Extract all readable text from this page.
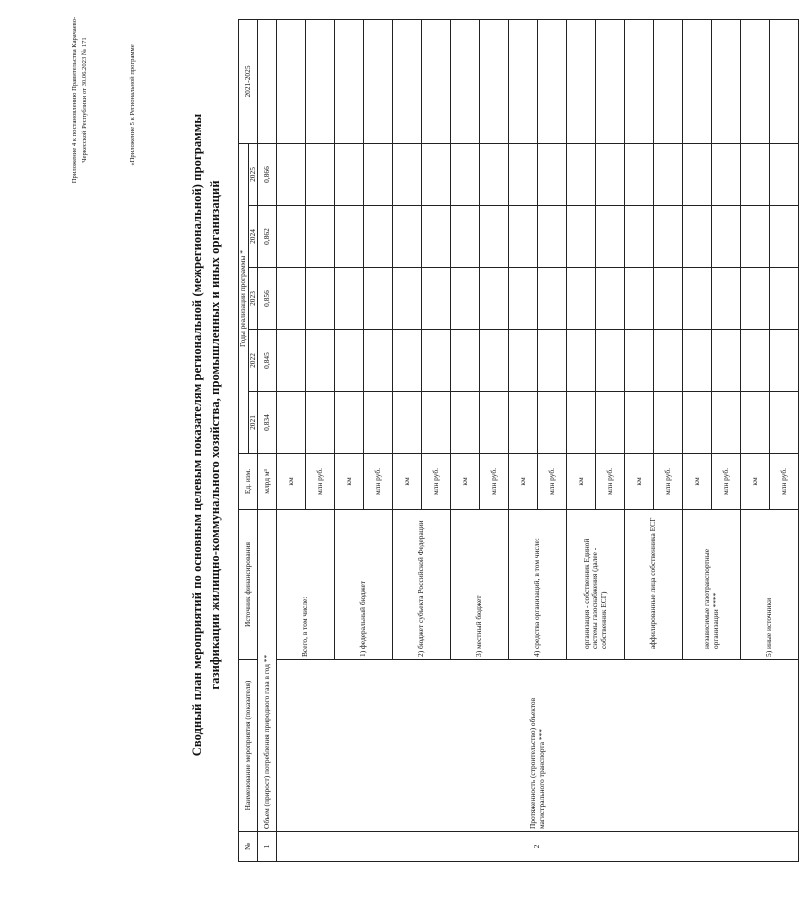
Приложение 4 к постановлению Правительства Карачаево-Черкесской Республики от 30.06.2023 № 171	«Приложение 5 к Региональной программе
Сводный план мероприятий по основным целевым показателям региональной (межрегиональной) программы газификации жилищно-коммунального хозяйства, промышленных и иных организаций
№	Наименование мероприятия (показателя)	Источник финансирования	Ед. изм.	Годы реализации программы *					2021-2025
				2021	2022	2023	2024	2025	
1	Объем (прирост) потребления природного газа в год **		млрд м³	0,834	0,845	0,856	0,862	0,866	
2	Протяженность (строительство) объектов магистрального транспорта ***	Всего, в том числе:	км						
			млн руб.						
		1) федеральный бюджет	км						
			млн руб.						
		2) бюджет субъекта Российской Федерации	км						
			млн руб.						
		3) местный бюджет	км						
			млн руб.						
		4) средства организаций, в том числе:	км						
			млн руб.						
		организация - собственник Единой системы газоснабжения (далее - собственник ЕСГ)	км						
			млн руб.						
		аффилированные лица собственника ЕСГ	км						
			млн руб.						
		независимые газотранспортные организации ****	км						
			млн руб.						
		5) иные источники	км						
			млн руб.						
